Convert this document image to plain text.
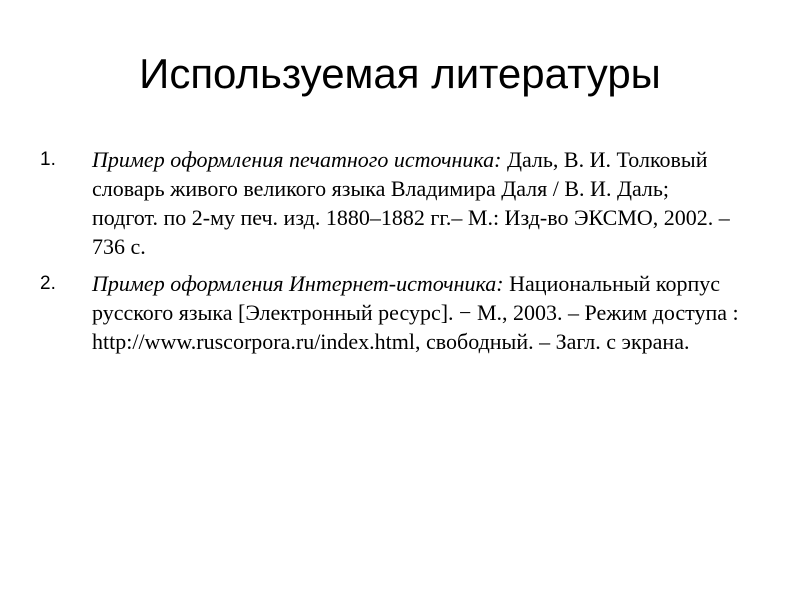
Используемая литературы
1. Пример оформления печатного источника: Даль, В. И. Толковый словарь живого великого языка Владимира Даля / В. И. Даль; подгот. по 2-му печ. изд. 1880–1882 гг.– М.: Изд-во ЭКСМО, 2002. – 736 с.
2. Пример оформления Интернет-источника: Национальный корпус русского языка [Электронный ресурс]. − М., 2003. – Режим доступа : http://www.ruscorpora.ru/index.html, свободный. – Загл. с экрана.
